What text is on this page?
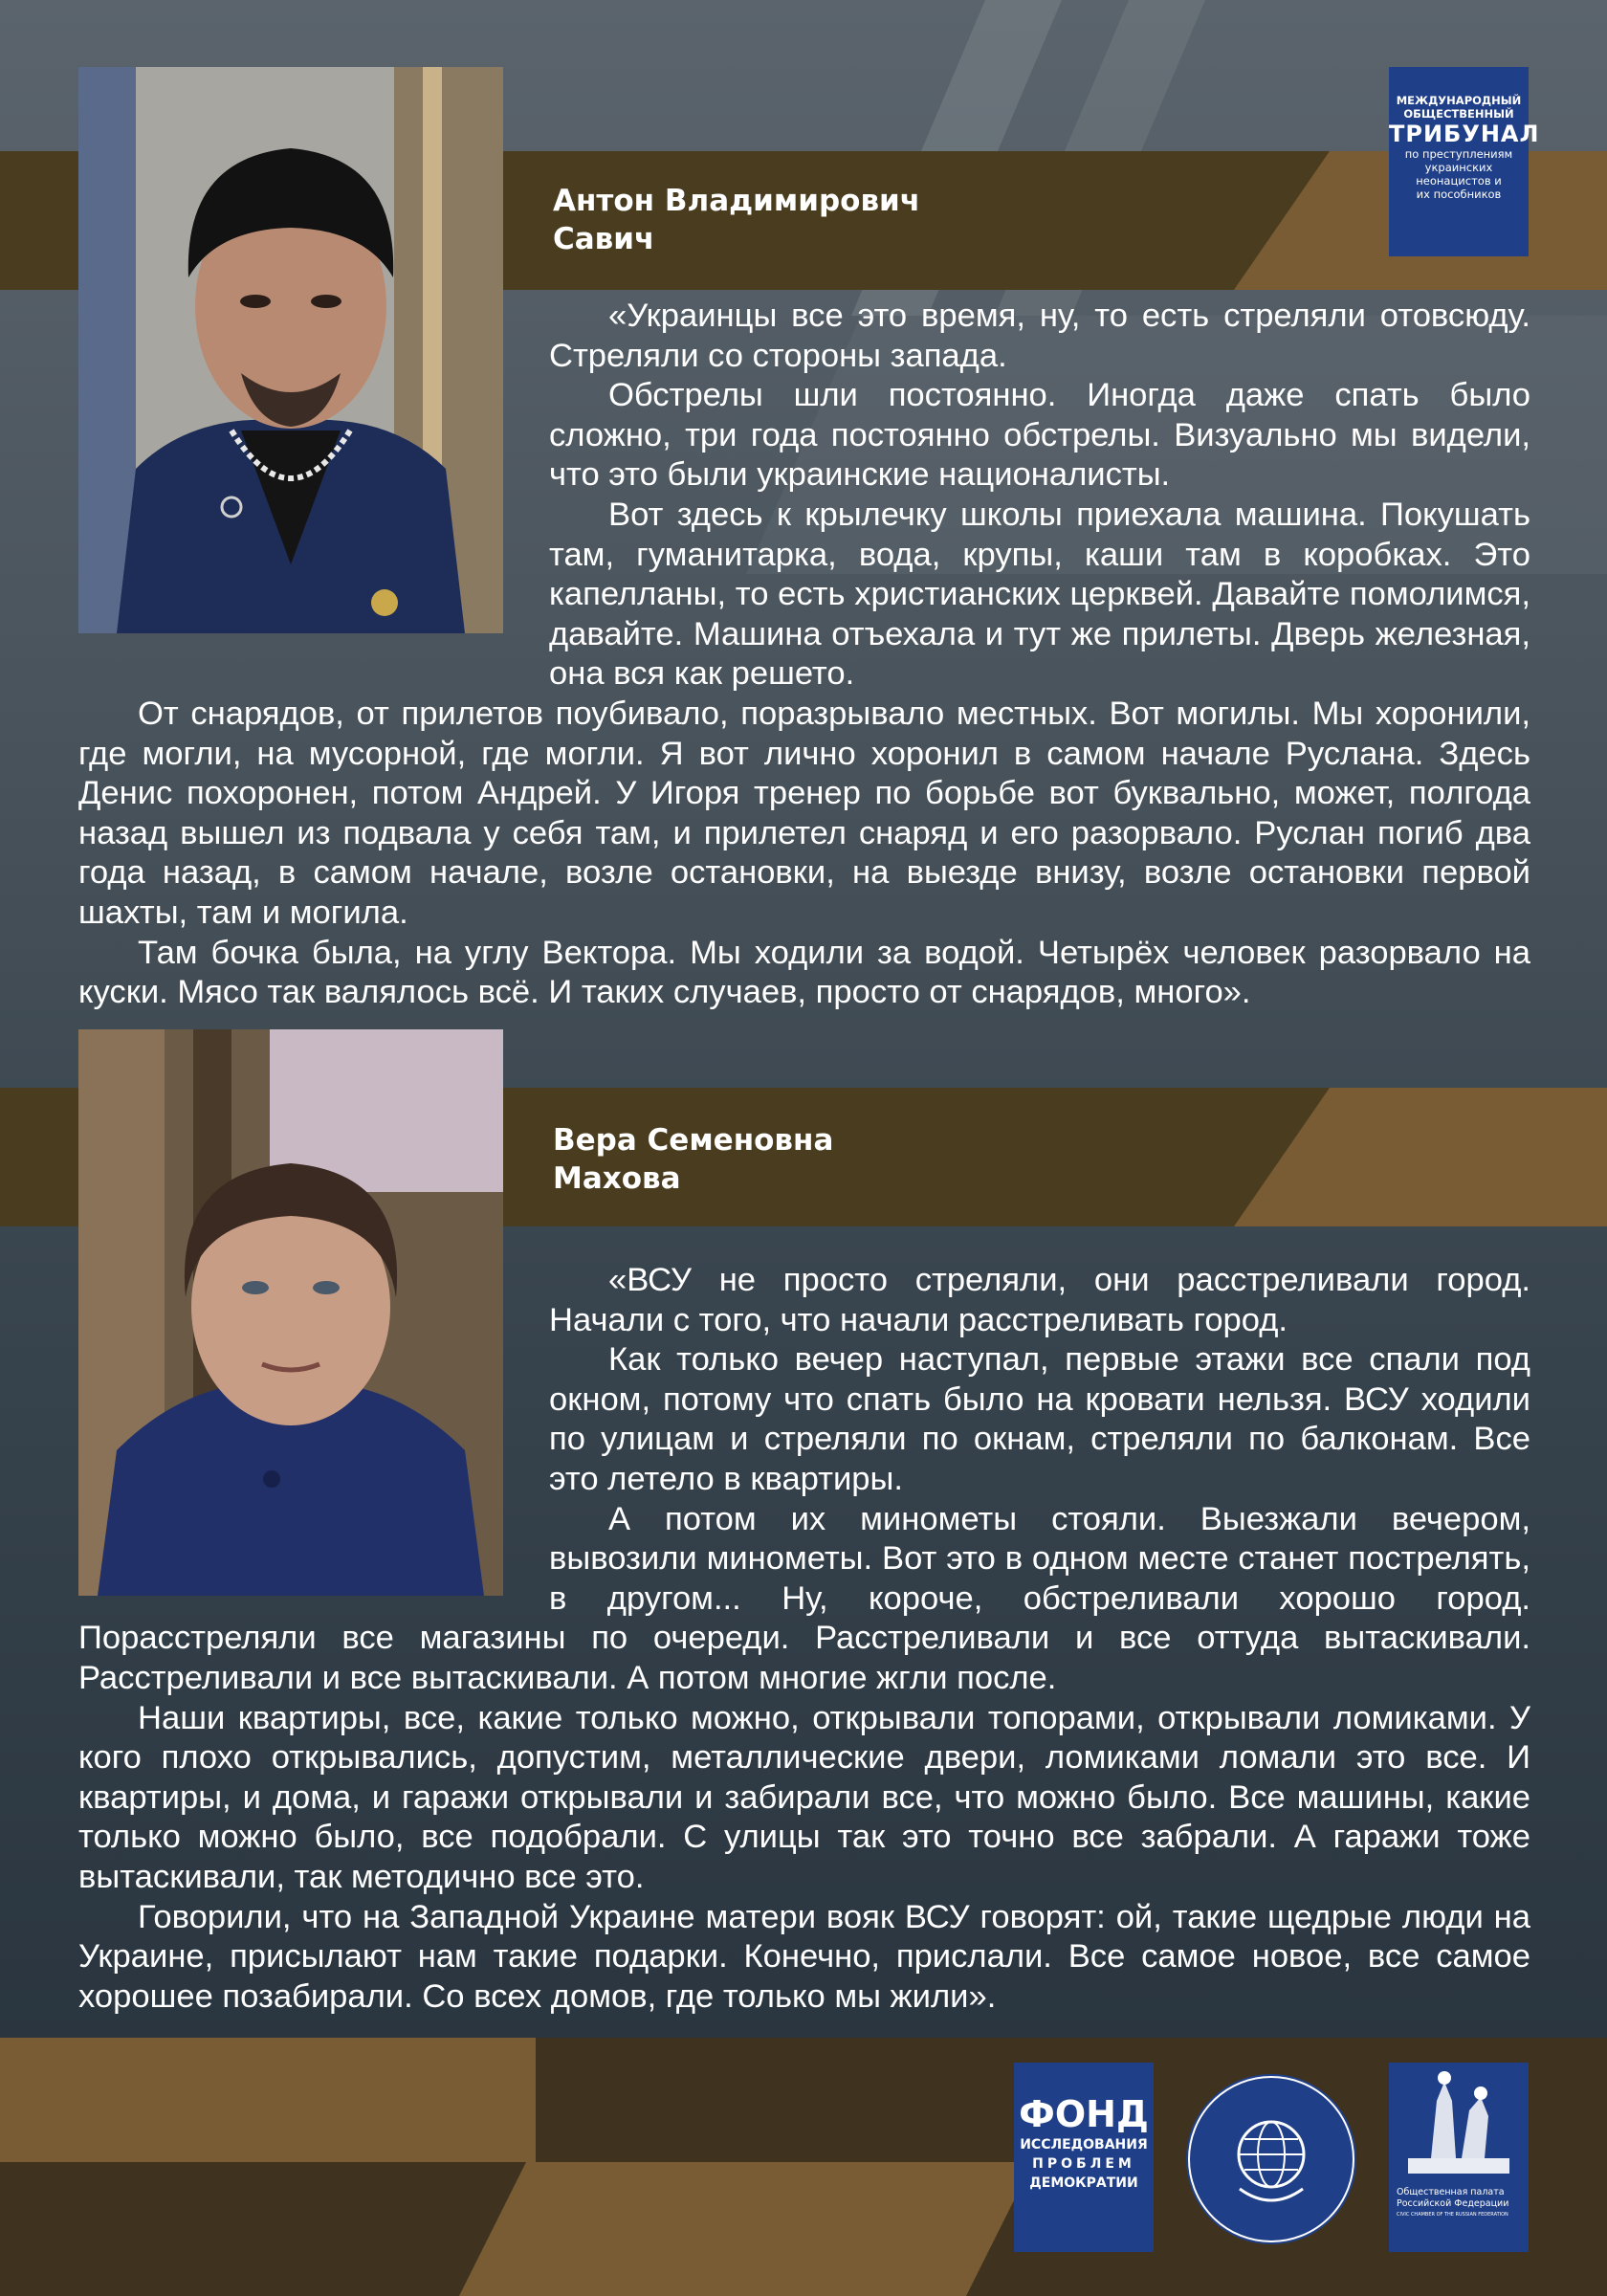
МЕЖДУНАРОДНЫЙ
ОБЩЕСТВЕННЫЙ
ТРИБУНАЛ
по преступлениям
украинских
неонацистов и
их пособников
Антон Владимирович
Савич

«Украинцы все это время, ну, то есть стреляли отовсюду. Стреляли со стороны запада.

Обстрелы шли постоянно. Иногда даже спать было сложно, три года постоянно обстрелы. Визуально мы видели, что это были украинские националисты.

Вот здесь к крылечку школы приехала машина. Покушать там, гуманитарка, вода, крупы, каши там в коробках. Это капелланы, то есть христианских церквей. Давайте помолимся, давайте. Машина отъехала и тут же прилеты. Дверь железная, она вся как решето.

От снарядов, от прилетов поубивало, поразрывало местных. Вот могилы. Мы хоронили, где могли, на мусорной, где могли. Я вот лично хоронил в самом начале Руслана. Здесь Денис похоронен, потом Андрей. У Игоря тренер по борьбе вот буквально, может, полгода назад вышел из подвала у себя там, и прилетел снаряд и его разорвало. Руслан погиб два года назад, в самом начале, возле остановки, на выезде внизу, возле остановки первой шахты, там и могила.

Там бочка была, на углу Вектора. Мы ходили за водой. Четырёх человек разорвало на куски. Мясо так валялось всё. И таких случаев, просто от снарядов, много».

Вера Семеновна
Махова

«ВСУ не просто стреляли, они расстреливали город. Начали с того, что начали расстреливать город.

Как только вечер наступал, первые этажи все спали под окном, потому что спать было на кровати нельзя. ВСУ ходили по улицам и стреляли по окнам, стреляли по балконам. Все это летело в квартиры.

А потом их минометы стояли. Выезжали вечером, вывозили минометы. Вот это в одном месте станет пострелять, в другом... Ну, короче, обстреливали хорошо город. Порасстреляли все магазины по очереди. Расстреливали и все оттуда вытаскивали. Расстреливали и все вытаскивали. А потом многие жгли после.

Наши квартиры, все, какие только можно, открывали топорами, открывали ломиками. У кого плохо открывались, допустим, металлические двери, ломиками ломали это все. И квартиры, и дома, и гаражи открывали и забирали все, что можно было. Все машины, какие только можно было, все подобрали. С улицы так это точно все забрали. А гаражи тоже вытаскивали, так методично все это.

Говорили, что на Западной Украине матери вояк ВСУ говорят: ой, такие щедрые люди на Украине, присылают нам такие подарки. Конечно, прислали. Все самое новое, все самое хорошее позабирали. Со всех домов, где только мы жили».

ФОНД
ИССЛЕДОВАНИЯ
ПРОБЛЕМ
ДЕМОКРАТИИ
Общественная палата
Российской Федерации
CIVIC CHAMBER OF THE RUSSIAN FEDERATION
